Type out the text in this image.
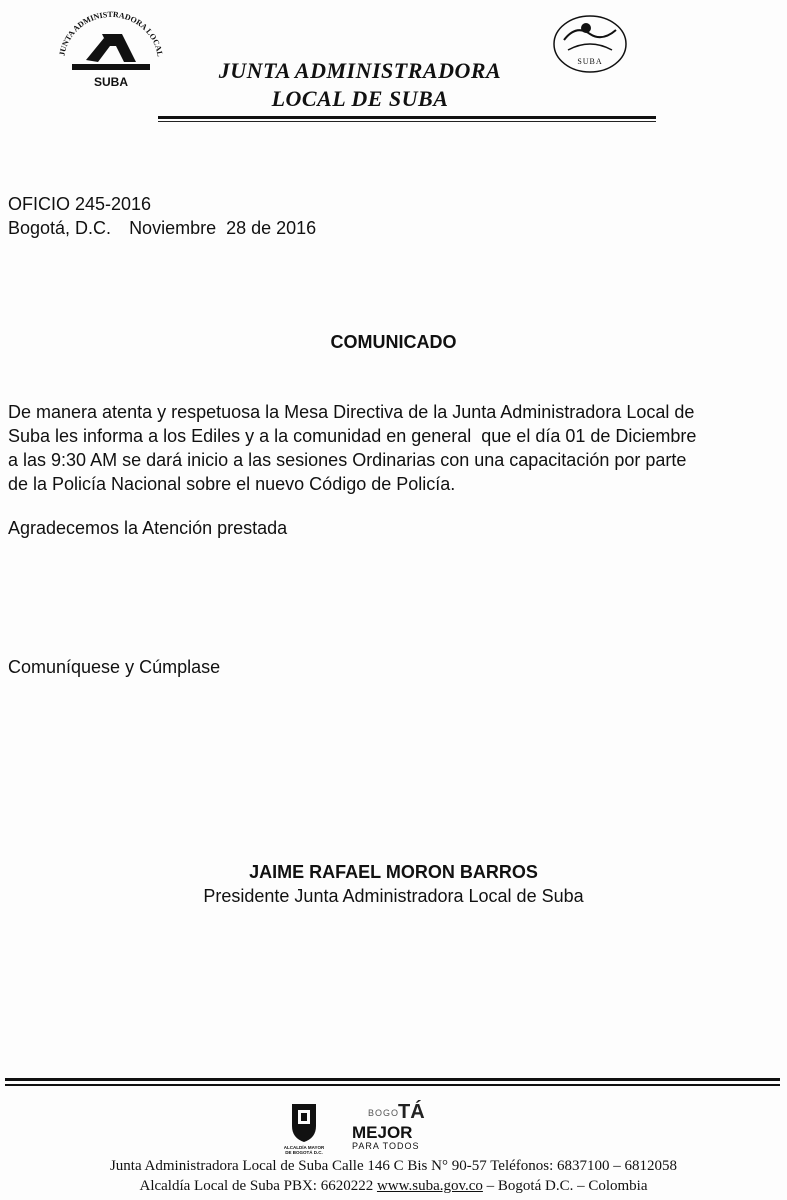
JUNTA ADMINISTRADORA LOCAL
SUBA
SUBA
JUNTA ADMINISTRADORA
LOCAL DE SUBA
OFICIO 245-2016
Bogotá, D.C. Noviembre  28 de 2016
COMUNICADO
De manera atenta y respetuosa la Mesa Directiva de la Junta Administradora Local de
Suba les informa a los Ediles y a la comunidad en general  que el día 01 de Diciembre
a las 9:30 AM se dará inicio a las sesiones Ordinarias con una capacitación por parte
de la Policía Nacional sobre el nuevo Código de Policía.
Agradecemos la Atención prestada
Comuníquese y Cúmplase
JAIME RAFAEL MORON BARROS
Presidente Junta Administradora Local de Suba
ALCALDÍA MAYOR
DE BOGOTÁ D.C.
BOGO
TÁ
MEJOR
PARA TODOS
Junta Administradora Local de Suba Calle 146 C Bis N° 90-57 Teléfonos: 6837100 – 6812058
Alcaldía Local de Suba PBX: 6620222 www.suba.gov.co – Bogotá D.C. – Colombia
